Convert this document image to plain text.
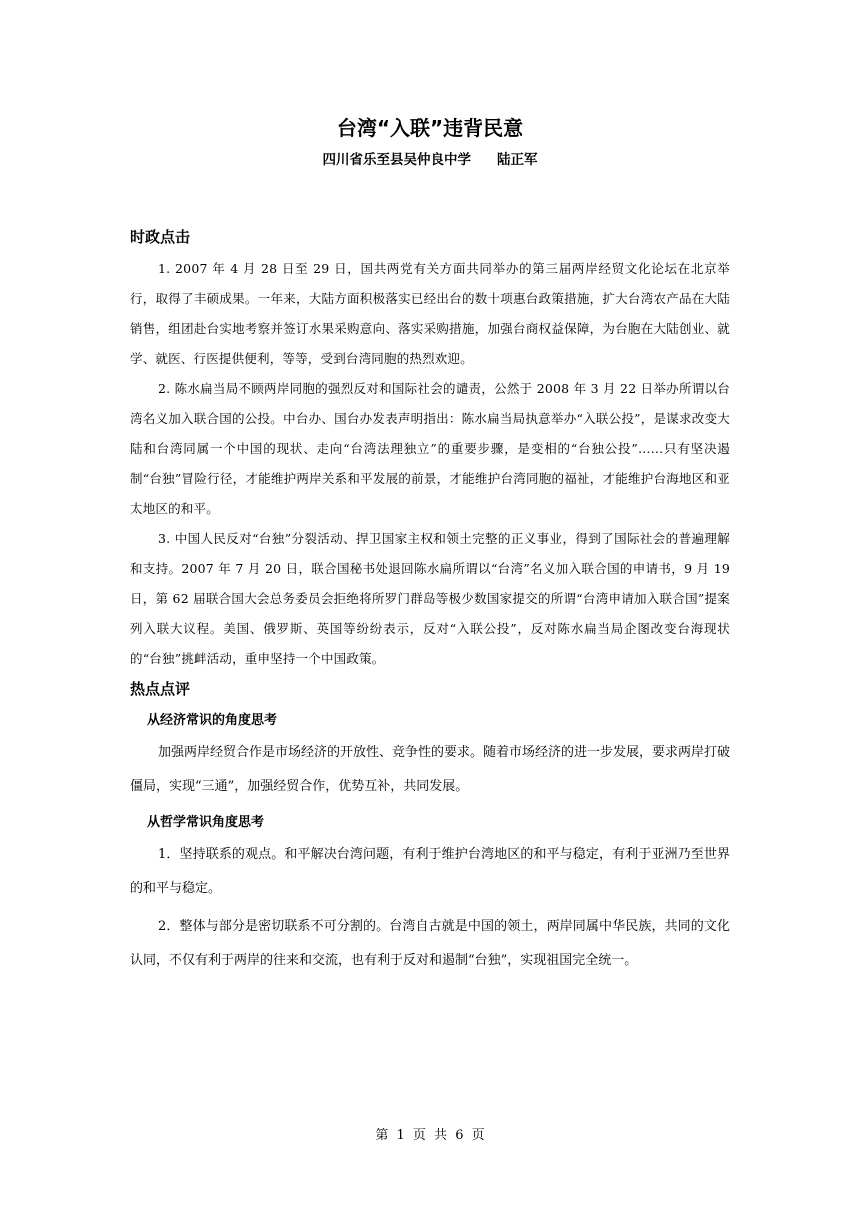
台湾“入联”违背民意
四川省乐至县吴仲良中学 陆正军
时政点击

1. 2007 年 4 月 28 日至 29 日，国共两党有关方面共同举办的第三届两岸经贸文化论坛在北京举行，取得了丰硕成果。一年来，大陆方面积极落实已经出台的数十项惠台政策措施，扩大台湾农产品在大陆销售，组团赴台实地考察并签订水果采购意向、落实采购措施，加强台商权益保障，为台胞在大陆创业、就学、就医、行医提供便利，等等，受到台湾同胞的热烈欢迎。

2. 陈水扁当局不顾两岸同胞的强烈反对和国际社会的谴责，公然于 2008 年 3 月 22 日举办所谓以台湾名义加入联合国的公投。中台办、国台办发表声明指出：陈水扁当局执意举办“入联公投”，是谋求改变大陆和台湾同属一个中国的现状、走向“台湾法理独立”的重要步骤，是变相的“台独公投”……只有坚决遏制“台独”冒险行径，才能维护两岸关系和平发展的前景，才能维护台湾同胞的福祉，才能维护台海地区和亚太地区的和平。

3. 中国人民反对“台独”分裂活动、捍卫国家主权和领土完整的正义事业，得到了国际社会的普遍理解和支持。2007 年 7 月 20 日，联合国秘书处退回陈水扁所谓以“台湾”名义加入联合国的申请书，9 月 19 日，第 62 届联合国大会总务委员会拒绝将所罗门群岛等极少数国家提交的所谓“台湾申请加入联合国”提案列入联大议程。美国、俄罗斯、英国等纷纷表示，反对“入联公投”，反对陈水扁当局企图改变台海现状的“台独”挑衅活动，重申坚持一个中国政策。

热点点评

从经济常识的角度思考

加强两岸经贸合作是市场经济的开放性、竞争性的要求。随着市场经济的进一步发展，要求两岸打破僵局，实现“三通”，加强经贸合作，优势互补，共同发展。

从哲学常识角度思考

1．坚持联系的观点。和平解决台湾问题，有利于维护台湾地区的和平与稳定，有利于亚洲乃至世界的和平与稳定。

2．整体与部分是密切联系不可分割的。台湾自古就是中国的领土，两岸同属中华民族，共同的文化认同，不仅有利于两岸的往来和交流，也有利于反对和遏制“台独”，实现祖国完全统一。

第 1 页 共 6 页
